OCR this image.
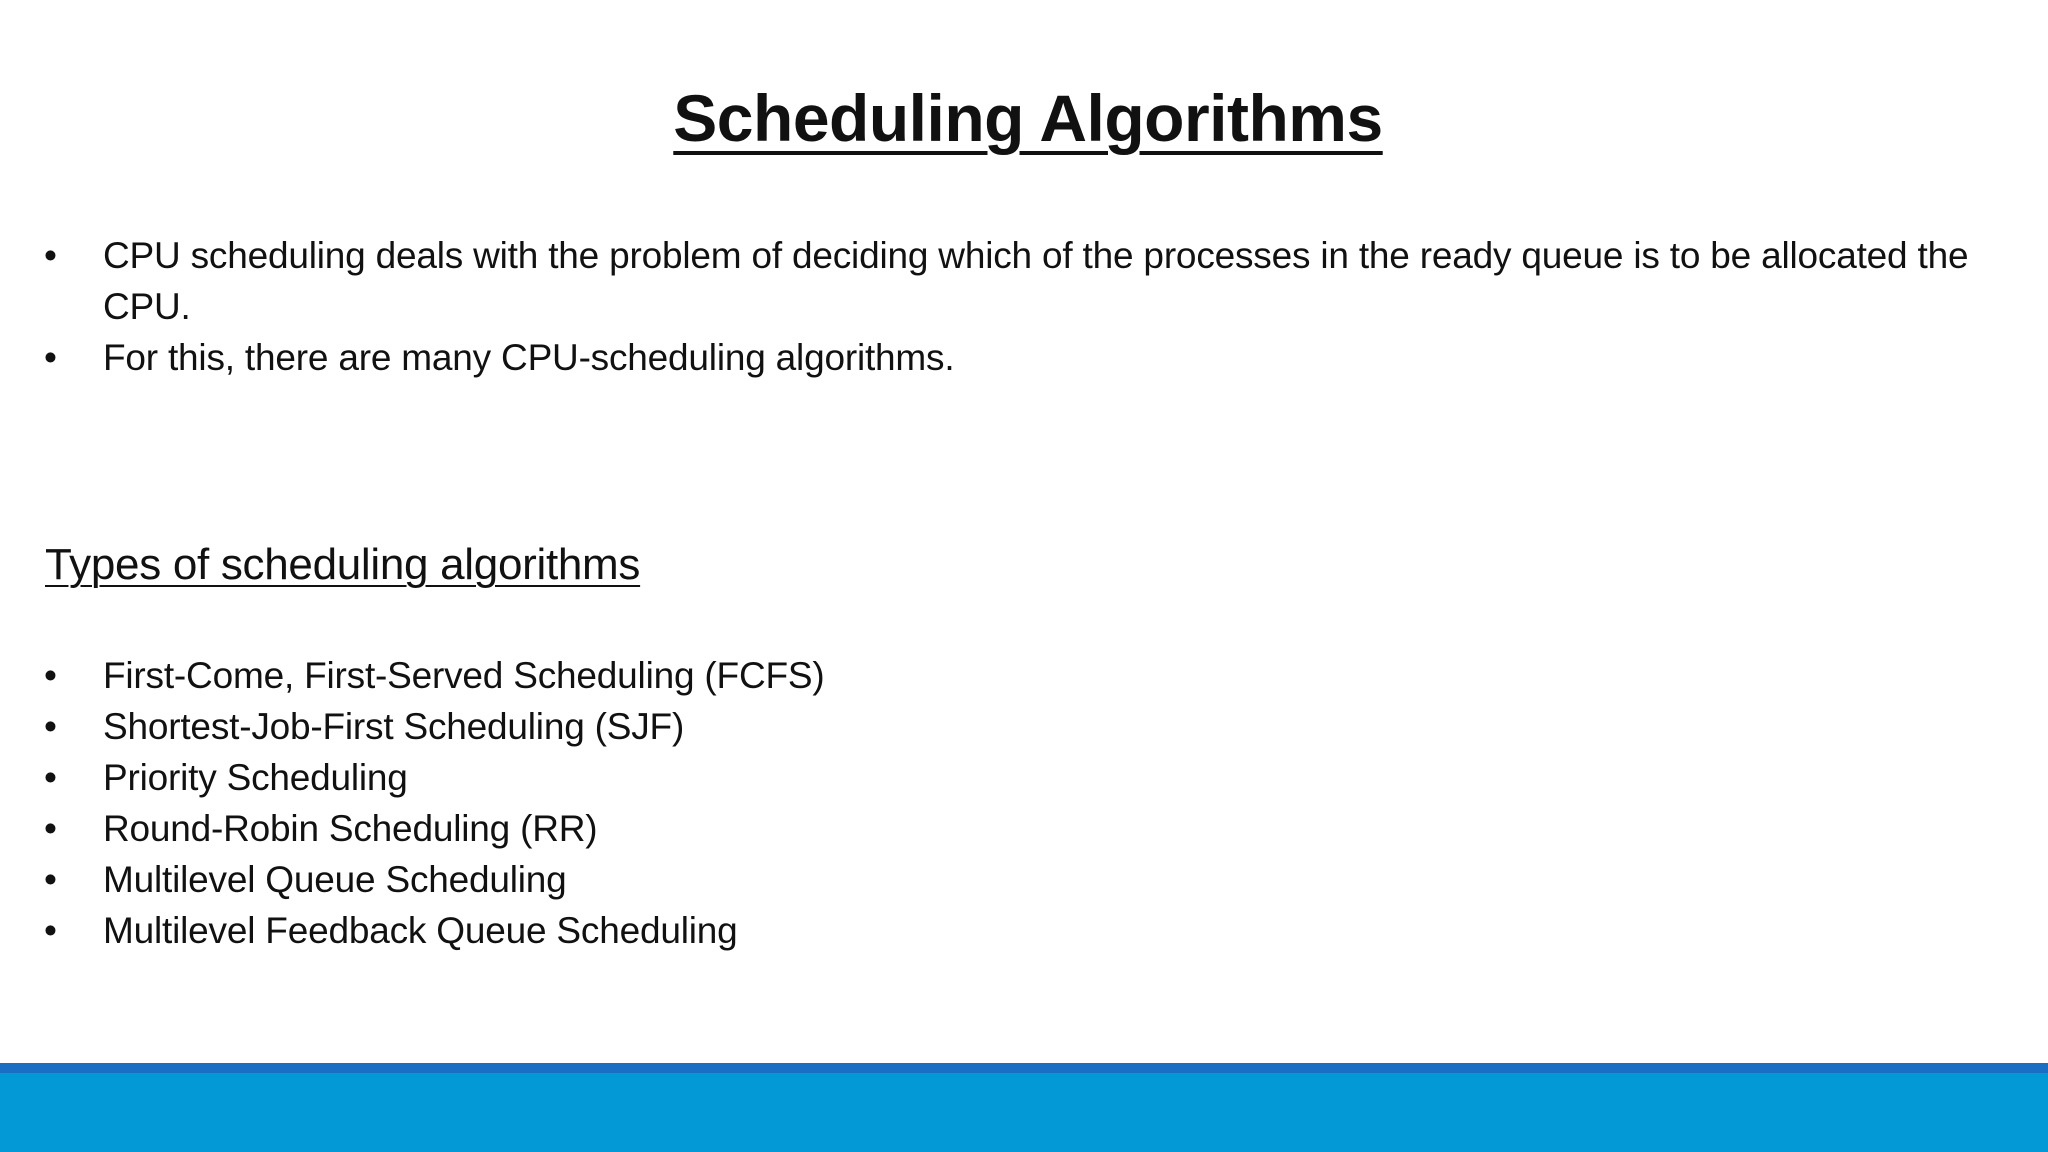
Scheduling Algorithms
• CPU scheduling deals with the problem of deciding which of the processes in the ready queue is to be allocated the CPU.
• For this, there are many CPU-scheduling algorithms.
Types of scheduling algorithms
• First-Come, First-Served Scheduling (FCFS)
• Shortest-Job-First Scheduling (SJF)
• Priority Scheduling
• Round-Robin Scheduling (RR)
• Multilevel Queue Scheduling
• Multilevel Feedback Queue Scheduling
